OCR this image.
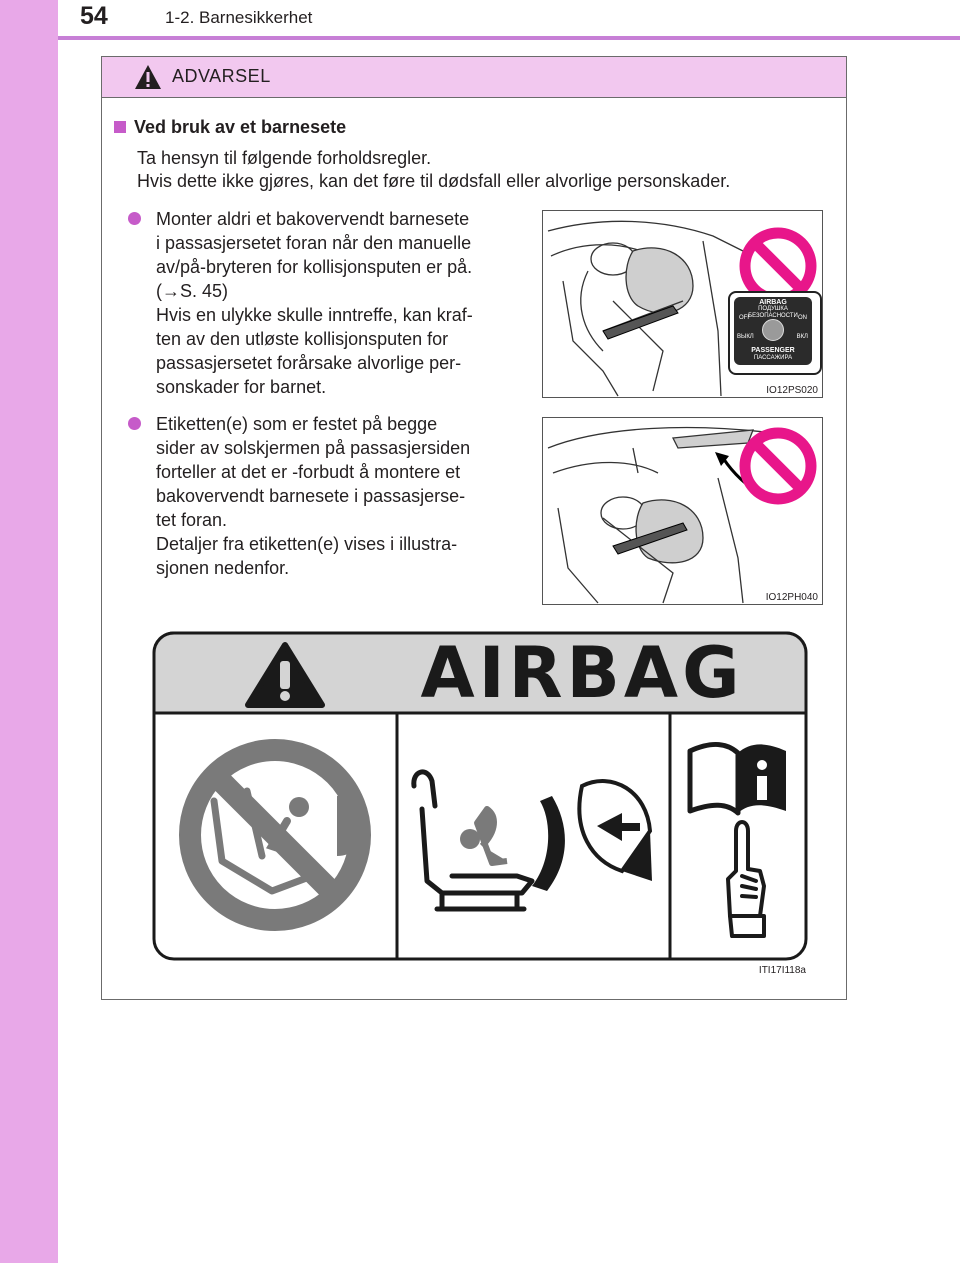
54	1-2. Barnesikkerhet
ADVARSEL
Ved bruk av et barnesete
Ta hensyn til følgende forholdsregler.
Hvis dette ikke gjøres, kan det føre til dødsfall eller alvorlige personskader.
Monter aldri et bakovervendt barnesete
i passasjersetet foran når den manuelle
av/på-bryteren for kollisjonsputen er på.
(→S. 45)
Hvis en ulykke skulle inntreffe, kan kraf-
ten av den utløste kollisjonsputen for
passasjersetet forårsake alvorlige per-
sonskader for barnet.
Etiketten(e) som er festet på begge
sider av solskjermen på passasjersiden
forteller at det er -forbudt å montere et
bakovervendt barnesete i passasjerse-
tet foran.
Detaljer fra etiketten(e) vises i illustra-
sjonen nedenfor.
AIRBAG
ПОДУШКА БЕЗОПАСНОСТИ
OFF	ON
ВЫКЛ	ВКЛ
PASSENGER
ПАССАЖИРА
IO12PS020
IO12PH040
AIRBAG
ITI17I118a
